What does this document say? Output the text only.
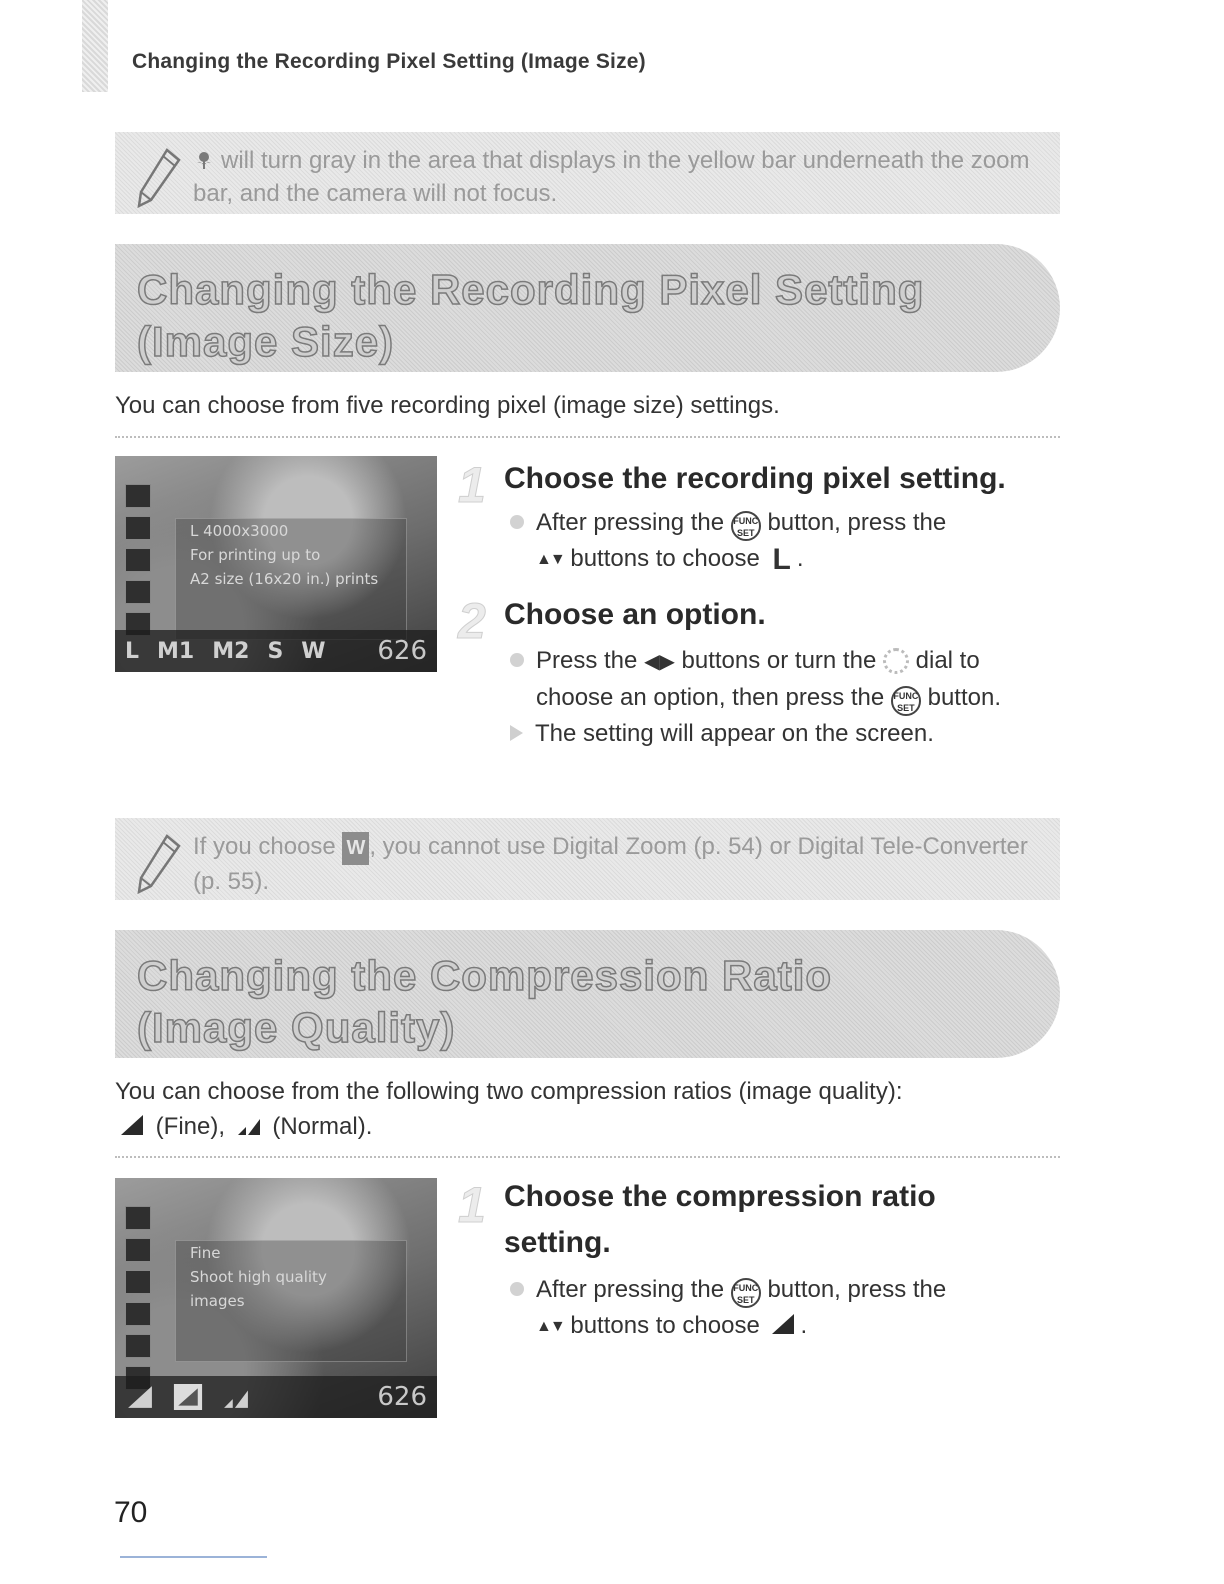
Changing the Recording Pixel Setting (Image Size)
will turn gray in the area that displays in the yellow bar underneath the zoom bar, and the camera will not focus.
Changing the Recording Pixel Setting
(Image Size)
You can choose from five recording pixel (image size) settings.
L 4000x3000
For printing up to
A2 size (16x20 in.) prints
L M1 M2 S W 626
1 Choose the recording pixel setting.
After pressing the FUNC SET button, press the
▲▼ buttons to choose L .
2 Choose an option.
Press the ◀▶ buttons or turn the dial to choose an option, then press the FUNC SET button.
The setting will appear on the screen.
If you choose W , you cannot use Digital Zoom (p. 54) or Digital Tele-Converter (p. 55).
Changing the Compression Ratio
(Image Quality)
You can choose from the following two compression ratios (image quality):
(Fine), (Normal).
Fine
Shoot high quality
images
626
1 Choose the compression ratio
setting.
After pressing the FUNC SET button, press the
▲▼ buttons to choose .
70
